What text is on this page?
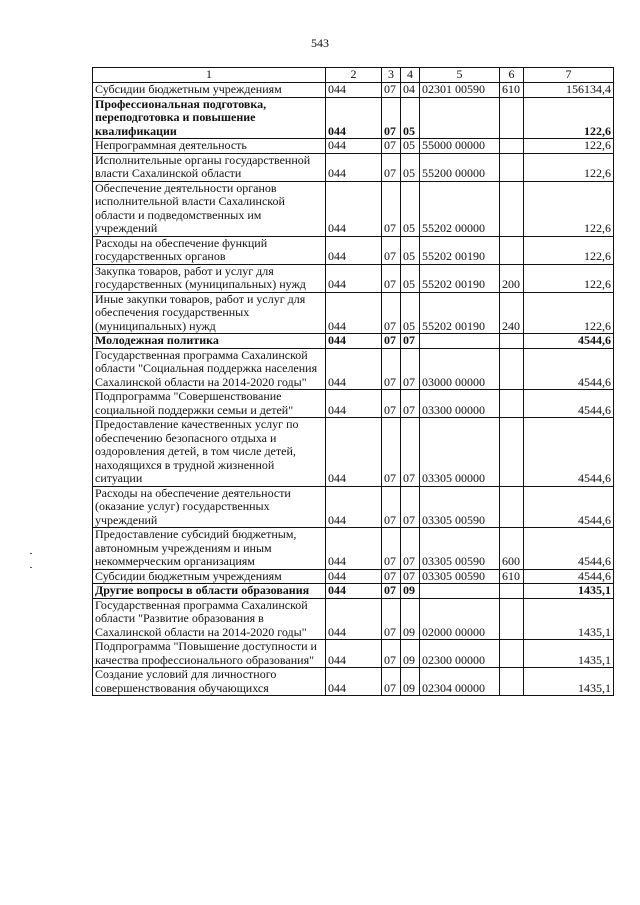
543
1	2	3	4	5	6	7
Субсидии бюджетным учреждениям	044	07	04	02301 00590	610	156134,4
Профессиональная подготовка, переподготовка и повышение квалификации	044	07	05			122,6
Непрограммная деятельность	044	07	05	55000 00000		122,6
Исполнительные органы государственной власти Сахалинской области	044	07	05	55200 00000		122,6
Обеспечение деятельности органов исполнительной власти Сахалинской области и подведомственных им учреждений	044	07	05	55202 00000		122,6
Расходы на обеспечение функций государственных органов	044	07	05	55202 00190		122,6
Закупка товаров, работ и услуг для государственных (муниципальных) нужд	044	07	05	55202 00190	200	122,6
Иные закупки товаров, работ и услуг для обеспечения государственных (муниципальных) нужд	044	07	05	55202 00190	240	122,6
Молодежная политика	044	07	07			4544,6
Государственная программа Сахалинской области "Социальная поддержка населения Сахалинской области на 2014-2020 годы"	044	07	07	03000 00000		4544,6
Подпрограмма "Совершенствование социальной поддержки семьи и детей"	044	07	07	03300 00000		4544,6
Предоставление качественных услуг по обеспечению безопасного отдыха и оздоровления детей, в том числе детей, находящихся в трудной жизненной ситуации	044	07	07	03305 00000		4544,6
Расходы на обеспечение деятельности (оказание услуг) государственных учреждений	044	07	07	03305 00590		4544,6
Предоставление субсидий бюджетным, автономным учреждениям и иным некоммерческим организациям	044	07	07	03305 00590	600	4544,6
Субсидии бюджетным учреждениям	044	07	07	03305 00590	610	4544,6
Другие вопросы в области образования	044	07	09			1435,1
Государственная программа Сахалинской области "Развитие образования в Сахалинской области на 2014-2020 годы"	044	07	09	02000 00000		1435,1
Подпрограмма "Повышение доступности и качества профессионального образования"	044	07	09	02300 00000		1435,1
Создание условий для личностного совершенствования обучающихся	044	07	09	02304 00000		1435,1
